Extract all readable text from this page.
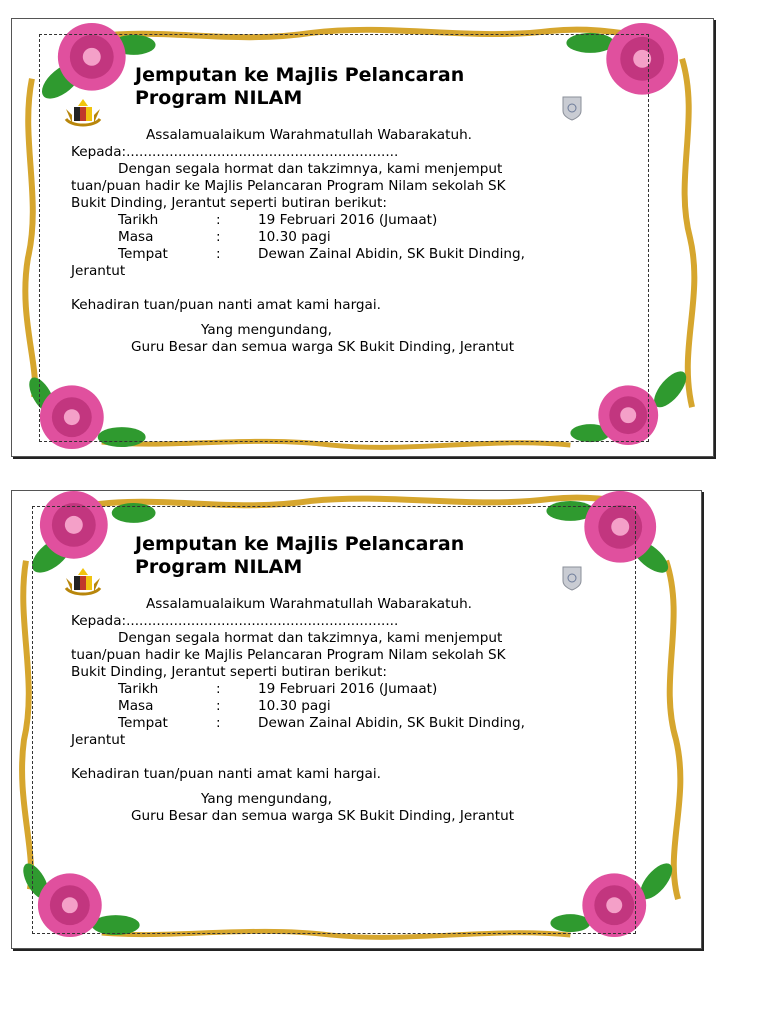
Jemputan ke Majlis Pelancaran
Program NILAM
Assalamualaikum Warahmatullah Wabarakatuh.
Kepada:...............................................................
Dengan segala hormat dan takzimnya, kami menjemput
tuan/puan hadir ke Majlis Pelancaran Program Nilam sekolah SK
Bukit Dinding, Jerantut seperti butiran berikut:
Tarikh	:	19 Februari 2016 (Jumaat)
Masa	:	10.30 pagi
Tempat	:	Dewan Zainal Abidin, SK Bukit Dinding,
Jerantut
Kehadiran tuan/puan nanti amat kami hargai.
Yang mengundang,
Guru Besar dan semua warga SK Bukit Dinding, Jerantut
Jemputan ke Majlis Pelancaran
Program NILAM
Assalamualaikum Warahmatullah Wabarakatuh.
Kepada:...............................................................
Dengan segala hormat dan takzimnya, kami menjemput
tuan/puan hadir ke Majlis Pelancaran Program Nilam sekolah SK
Bukit Dinding, Jerantut seperti butiran berikut:
Tarikh	:	19 Februari 2016 (Jumaat)
Masa	:	10.30 pagi
Tempat	:	Dewan Zainal Abidin, SK Bukit Dinding,
Jerantut
Kehadiran tuan/puan nanti amat kami hargai.
Yang mengundang,
Guru Besar dan semua warga SK Bukit Dinding, Jerantut
